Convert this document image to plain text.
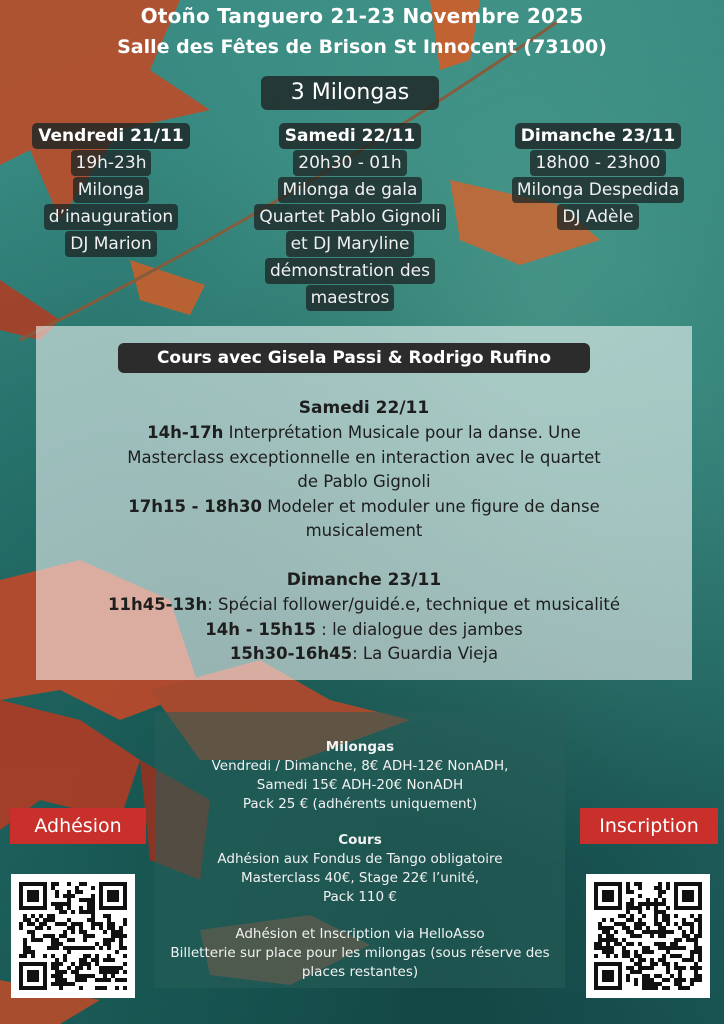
Otoño Tanguero 21-23 Novembre 2025
Salle des Fêtes de Brison St Innocent (73100)
3 Milongas
Vendredi 21/11
19h-23h
Milonga
d’inauguration
DJ Marion
Samedi 22/11
20h30 - 01h
Milonga de gala
Quartet Pablo Gignoli
et DJ Maryline
démonstration des
maestros
Dimanche 23/11
18h00 - 23h00
Milonga Despedida
DJ Adèle
Cours avec Gisela Passi & Rodrigo Rufino
Samedi 22/11
14h-17h Interprétation Musicale pour la danse. Une
Masterclass exceptionnelle en interaction avec le quartet
de Pablo Gignoli
17h15 - 18h30 Modeler et moduler une figure de danse
musicalement
Dimanche 23/11
11h45-13h: Spécial follower/guidé.e, technique et musicalité
14h - 15h15 : le dialogue des jambes
15h30-16h45: La Guardia Vieja
Milongas
Vendredi / Dimanche, 8€ ADH-12€ NonADH,
Samedi 15€ ADH-20€ NonADH
Pack 25 € (adhérents uniquement)
Cours
Adhésion aux Fondus de Tango obligatoire
Masterclass 40€, Stage 22€ l’unité,
Pack 110 €
Adhésion et Inscription via HelloAsso
Billetterie sur place pour les milongas (sous réserve des
places restantes)
Adhésion	Inscription
